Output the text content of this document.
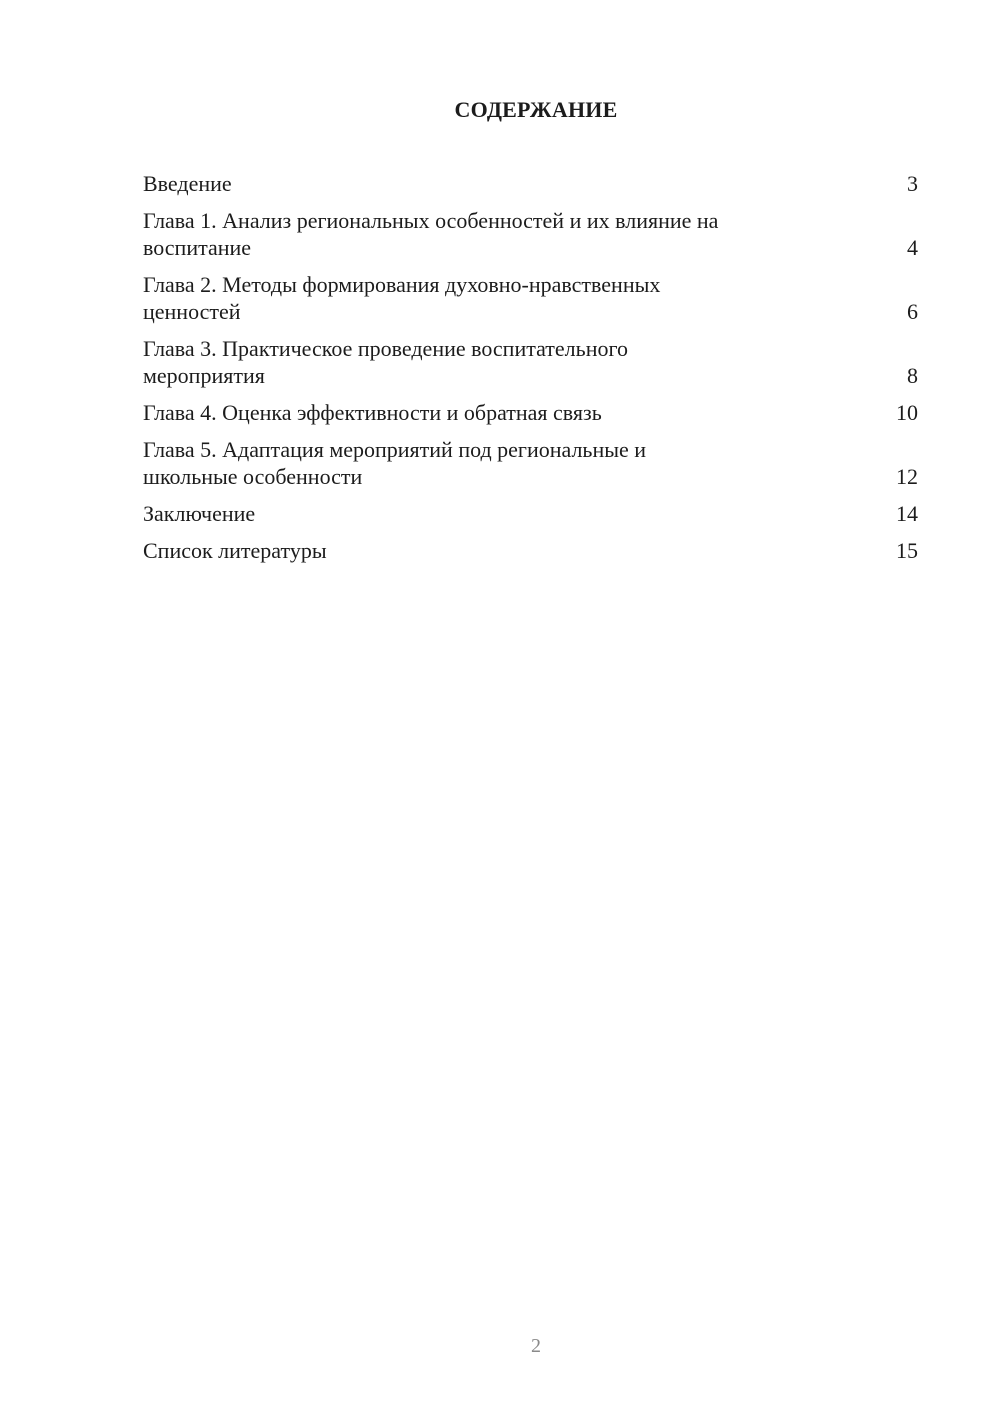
СОДЕРЖАНИЕ
Введение	3
Глава 1. Анализ региональных особенностей и их влияние на
воспитание	4
Глава 2. Методы формирования духовно-нравственных
ценностей	6
Глава 3. Практическое проведение воспитательного
мероприятия	8
Глава 4. Оценка эффективности и обратная связь	10
Глава 5. Адаптация мероприятий под региональные и
школьные особенности	12
Заключение	14
Список литературы	15
2
